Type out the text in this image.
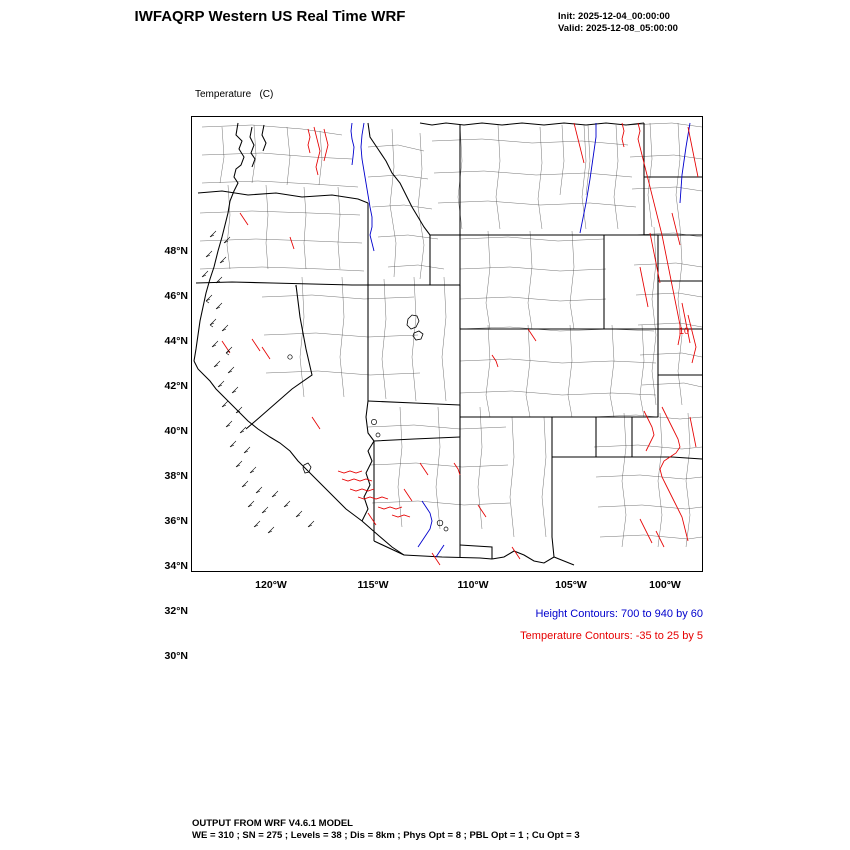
IWFAQRP Western US Real Time WRF	Init: 2025-12-04_00:00:00
Valid: 2025-12-08_05:00:00

Temperature   (C)

10
48°N
46°N
44°N
42°N
40°N
38°N
36°N
34°N
32°N
30°N
120°W	115°W	110°W	105°W	100°W
Height Contours: 700 to 940 by 60
Temperature Contours: -35 to 25 by 5
OUTPUT FROM WRF V4.6.1 MODEL
WE = 310 ; SN = 275 ; Levels = 38 ; Dis = 8km ; Phys Opt = 8 ; PBL Opt = 1 ; Cu Opt = 3
